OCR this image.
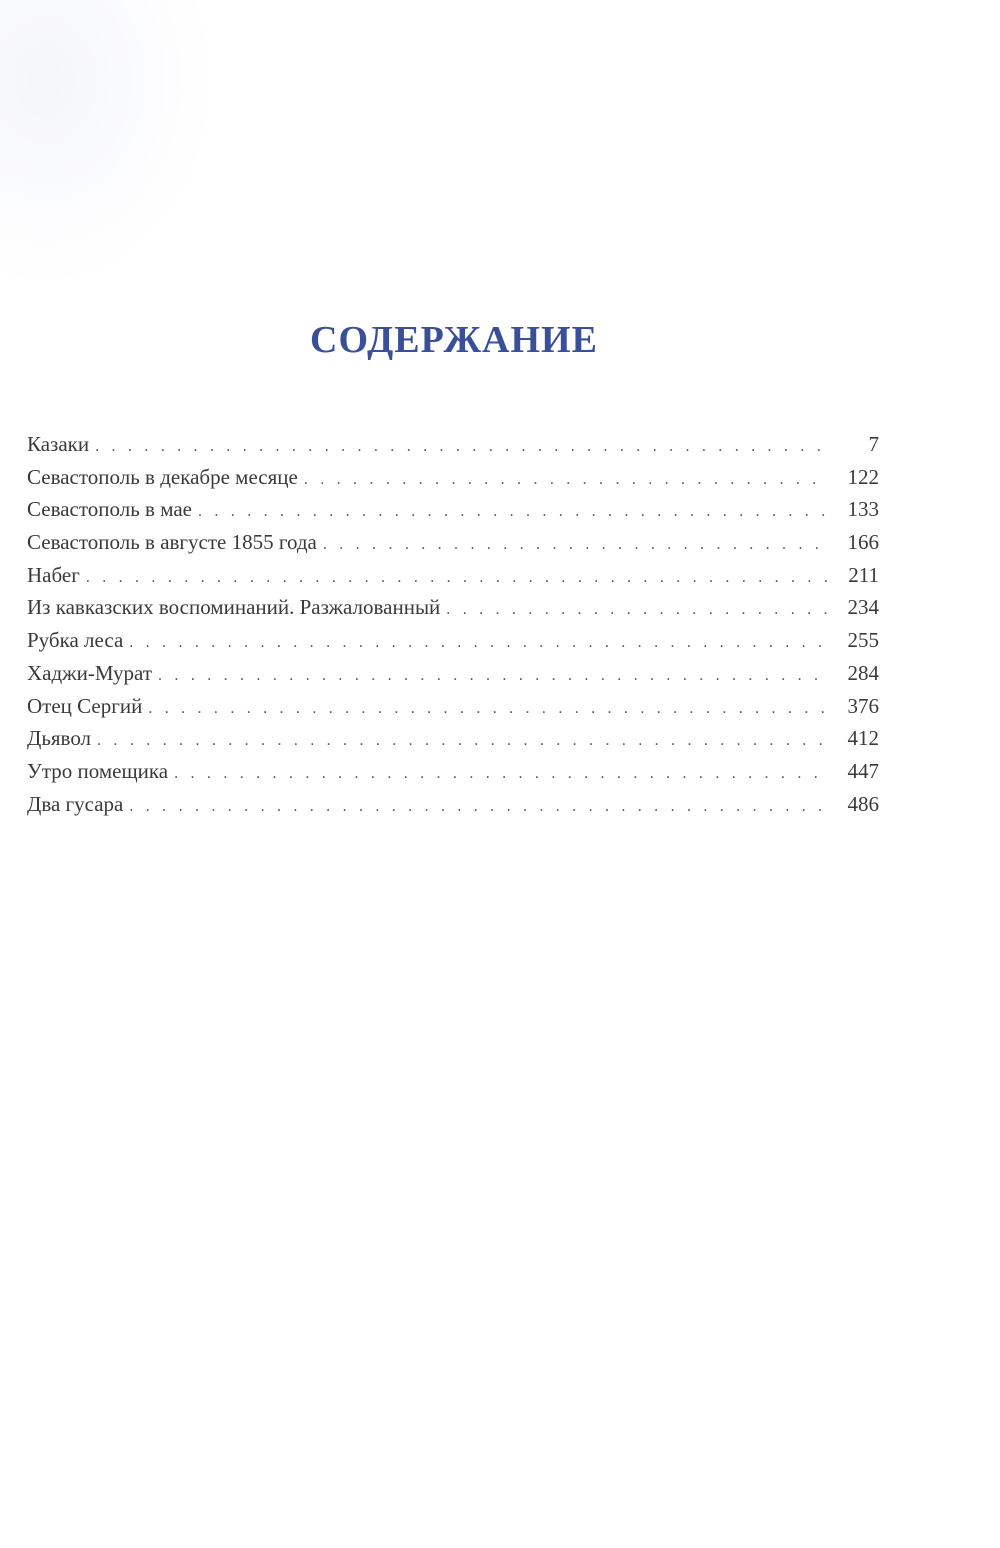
СОДЕРЖАНИЕ
Казаки . . .	7
Севастополь в декабре месяце . . .	122
Севастополь в мае . . .	133
Севастополь в августе 1855 года . . .	166
Набег . . .	211
Из кавказских воспоминаний. Разжалованный . . .	234
Рубка леса . . .	255
Хаджи-Мурат . . .	284
Отец Сергий . . .	376
Дьявол . . .	412
Утро помещика . . .	447
Два гусара . . .	486
